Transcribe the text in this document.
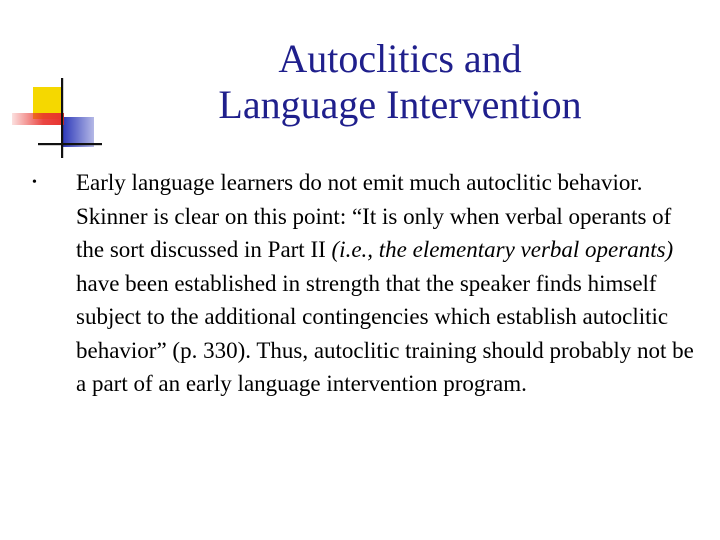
Autoclitics and
Language Intervention
• Early language learners do not emit much autoclitic behavior. Skinner is clear on this point: “It is only when verbal operants of the sort discussed in Part II (i.e., the elementary verbal operants) have been established in strength that the speaker finds himself subject to the additional contingencies which establish autoclitic behavior” (p. 330). Thus, autoclitic training should probably not be a part of an early language intervention program.
